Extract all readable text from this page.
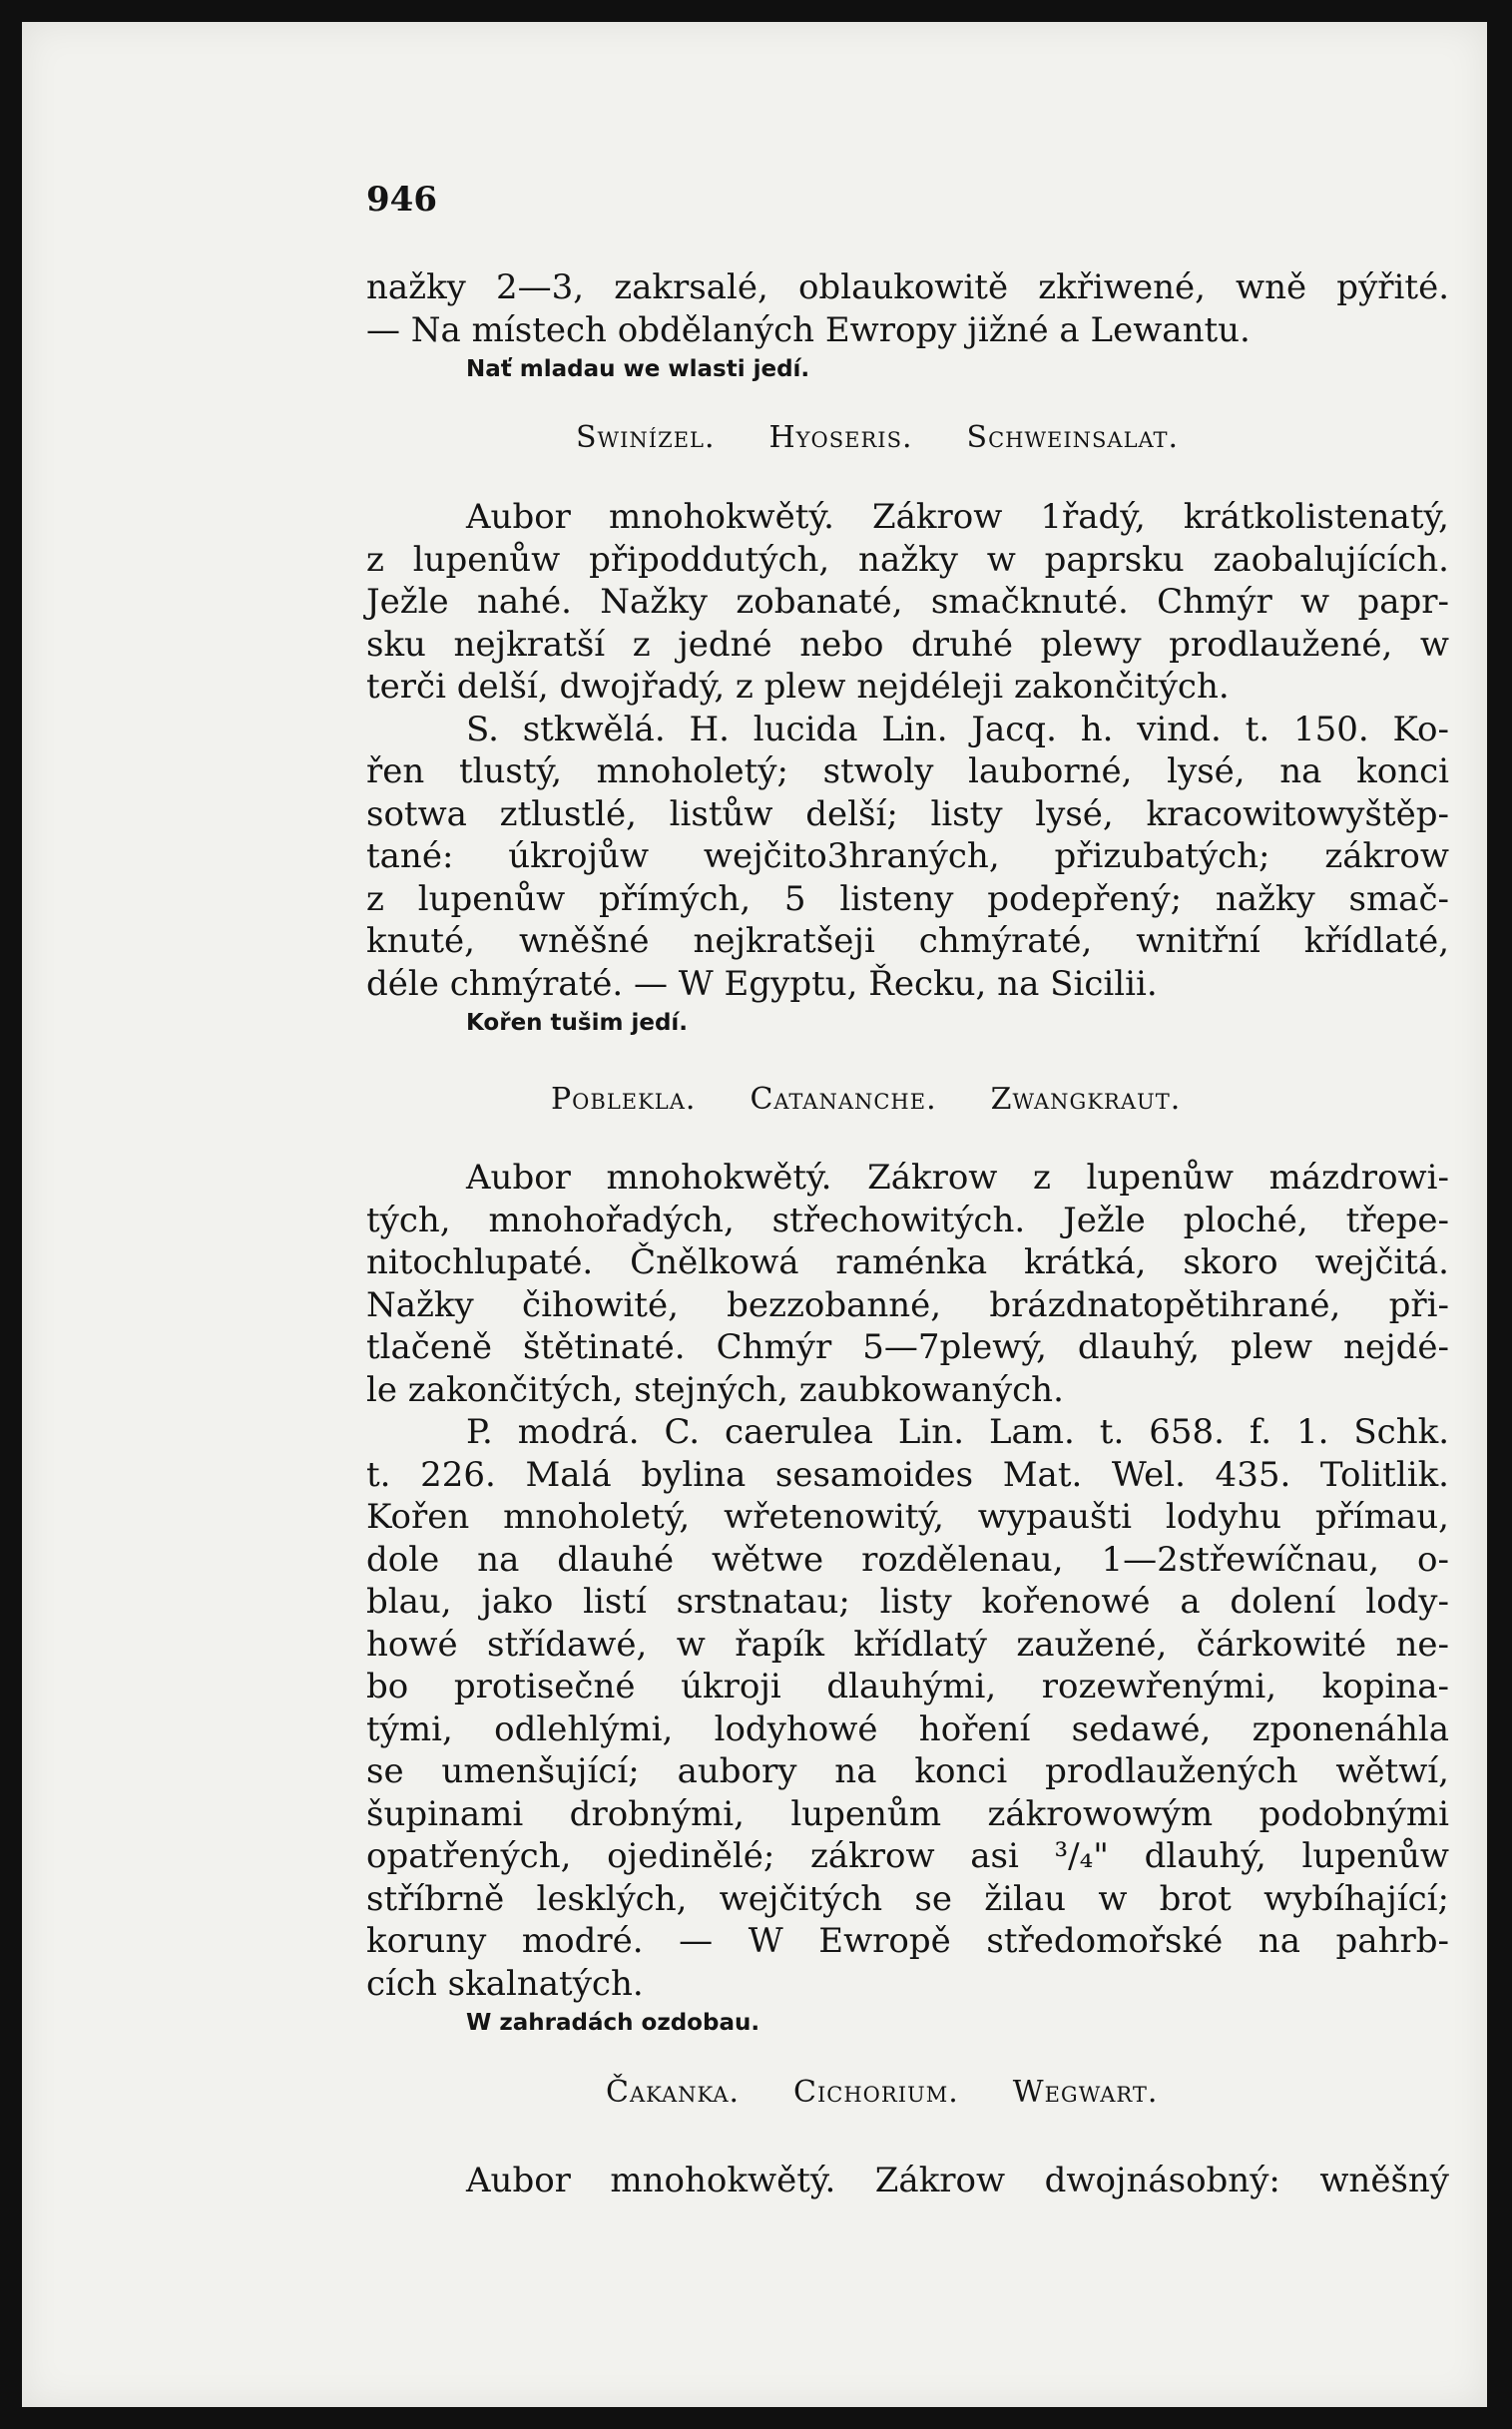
946
nažky 2—3, zakrsalé, oblaukowitě zkřiwené, wně pýřité.
— Na místech obdělaných Ewropy jižné a Lewantu.
Nať mladau we wlasti jedí.
Swinízel. Hyoseris. Schweinsalat.
Aubor mnohokwětý. Zákrow 1řadý, krátkolistenatý,
z lupenůw připoddutých, nažky w paprsku zaobalujících.
Ježle nahé. Nažky zobanaté, smačknuté. Chmýr w papr-
sku nejkratší z jedné nebo druhé plewy prodlaužené, w
terči delší, dwojřadý, z plew nejdéleji zakončitých.
S. stkwělá. H. lucida Lin. Jacq. h. vind. t. 150. Ko-
řen tlustý, mnoholetý; stwoly lauborné, lysé, na konci
sotwa ztlustlé, listůw delší; listy lysé, kracowitowyštěp-
tané: úkrojůw wejčito3hraných, přizubatých; zákrow
z lupenůw přímých, 5 listeny podepřený; nažky smač-
knuté, wněšné nejkratšeji chmýraté, wnitřní křídlaté,
déle chmýraté. — W Egyptu, Řecku, na Sicilii.
Kořen tušim jedí.
Poblekla. Catananche. Zwangkraut.
Aubor mnohokwětý. Zákrow z lupenůw mázdrowi-
tých, mnohořadých, střechowitých. Ježle ploché, třepe-
nitochlupaté. Čnělkowá raménka krátká, skoro wejčitá.
Nažky čihowité, bezzobanné, brázdnatopětihrané, při-
tlačeně štětinaté. Chmýr 5—7plewý, dlauhý, plew nejdé-
le zakončitých, stejných, zaubkowaných.
P. modrá. C. caerulea Lin. Lam. t. 658. f. 1. Schk.
t. 226. Malá bylina sesamoides Mat. Wel. 435. Tolitlik.
Kořen mnoholetý, wřetenowitý, wypaušti lodyhu přímau,
dole na dlauhé wětwe rozdělenau, 1—2střewíčnau, o-
blau, jako listí srstnatau; listy kořenowé a dolení lody-
howé střídawé, w řapík křídlatý zaužené, čárkowité ne-
bo protisečné úkroji dlauhými, rozewřenými, kopina-
tými, odlehlými, lodyhowé hoření sedawé, zponenáhla
se umenšující; aubory na konci prodlaužených wětwí,
šupinami drobnými, lupenům zákrowowým podobnými
opatřených, ojedinělé; zákrow asi ³/₄" dlauhý, lupenůw
stříbrně lesklých, wejčitých se žilau w brot wybíhající;
koruny modré. — W Ewropě středomořské na pahrb-
cích skalnatých.
W zahradách ozdobau.
Čakanka. Cichorium. Wegwart.
Aubor mnohokwětý. Zákrow dwojnásobný: wněšný
